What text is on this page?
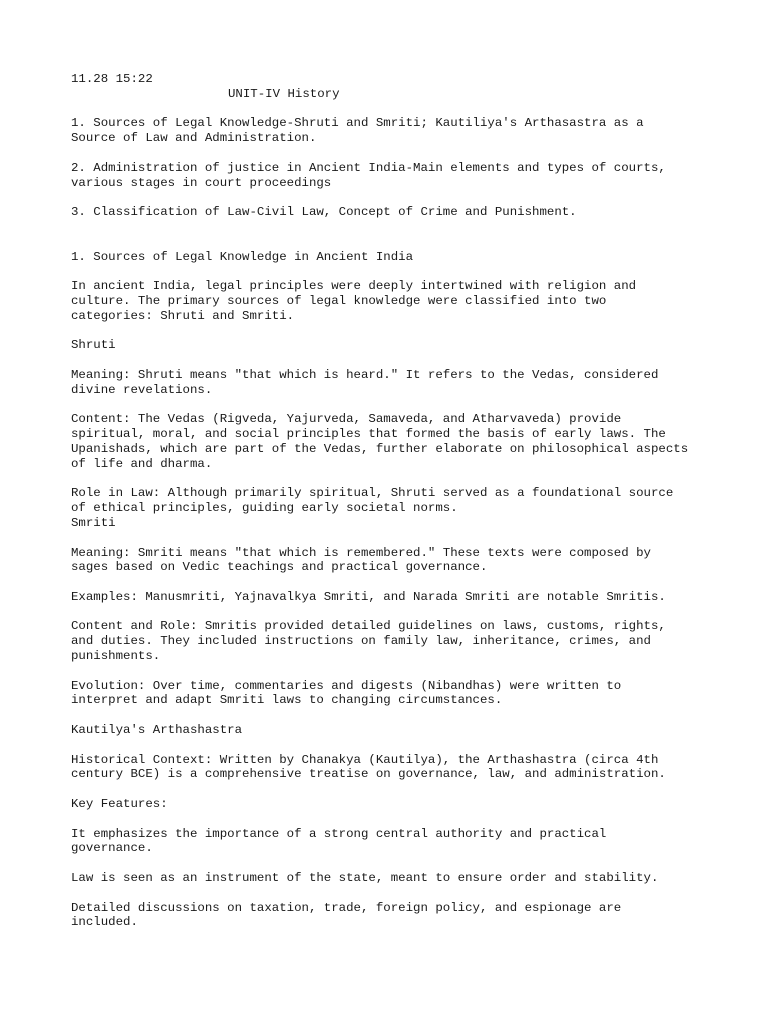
11.28 15:22
UNIT-IV History
1. Sources of Legal Knowledge-Shruti and Smriti; Kautiliya's Arthasastra as a
Source of Law and Administration.
2. Administration of justice in Ancient India-Main elements and types of courts,
various stages in court proceedings
3. Classification of Law-Civil Law, Concept of Crime and Punishment.
1. Sources of Legal Knowledge in Ancient India
In ancient India, legal principles were deeply intertwined with religion and
culture. The primary sources of legal knowledge were classified into two
categories: Shruti and Smriti.
Shruti
Meaning: Shruti means "that which is heard." It refers to the Vedas, considered
divine revelations.
Content: The Vedas (Rigveda, Yajurveda, Samaveda, and Atharvaveda) provide
spiritual, moral, and social principles that formed the basis of early laws. The
Upanishads, which are part of the Vedas, further elaborate on philosophical aspects
of life and dharma.
Role in Law: Although primarily spiritual, Shruti served as a foundational source
of ethical principles, guiding early societal norms.
Smriti
Meaning: Smriti means "that which is remembered." These texts were composed by
sages based on Vedic teachings and practical governance.
Examples: Manusmriti, Yajnavalkya Smriti, and Narada Smriti are notable Smritis.
Content and Role: Smritis provided detailed guidelines on laws, customs, rights,
and duties. They included instructions on family law, inheritance, crimes, and
punishments.
Evolution: Over time, commentaries and digests (Nibandhas) were written to
interpret and adapt Smriti laws to changing circumstances.
Kautilya's Arthashastra
Historical Context: Written by Chanakya (Kautilya), the Arthashastra (circa 4th
century BCE) is a comprehensive treatise on governance, law, and administration.
Key Features:
It emphasizes the importance of a strong central authority and practical
governance.
Law is seen as an instrument of the state, meant to ensure order and stability.
Detailed discussions on taxation, trade, foreign policy, and espionage are
included.
